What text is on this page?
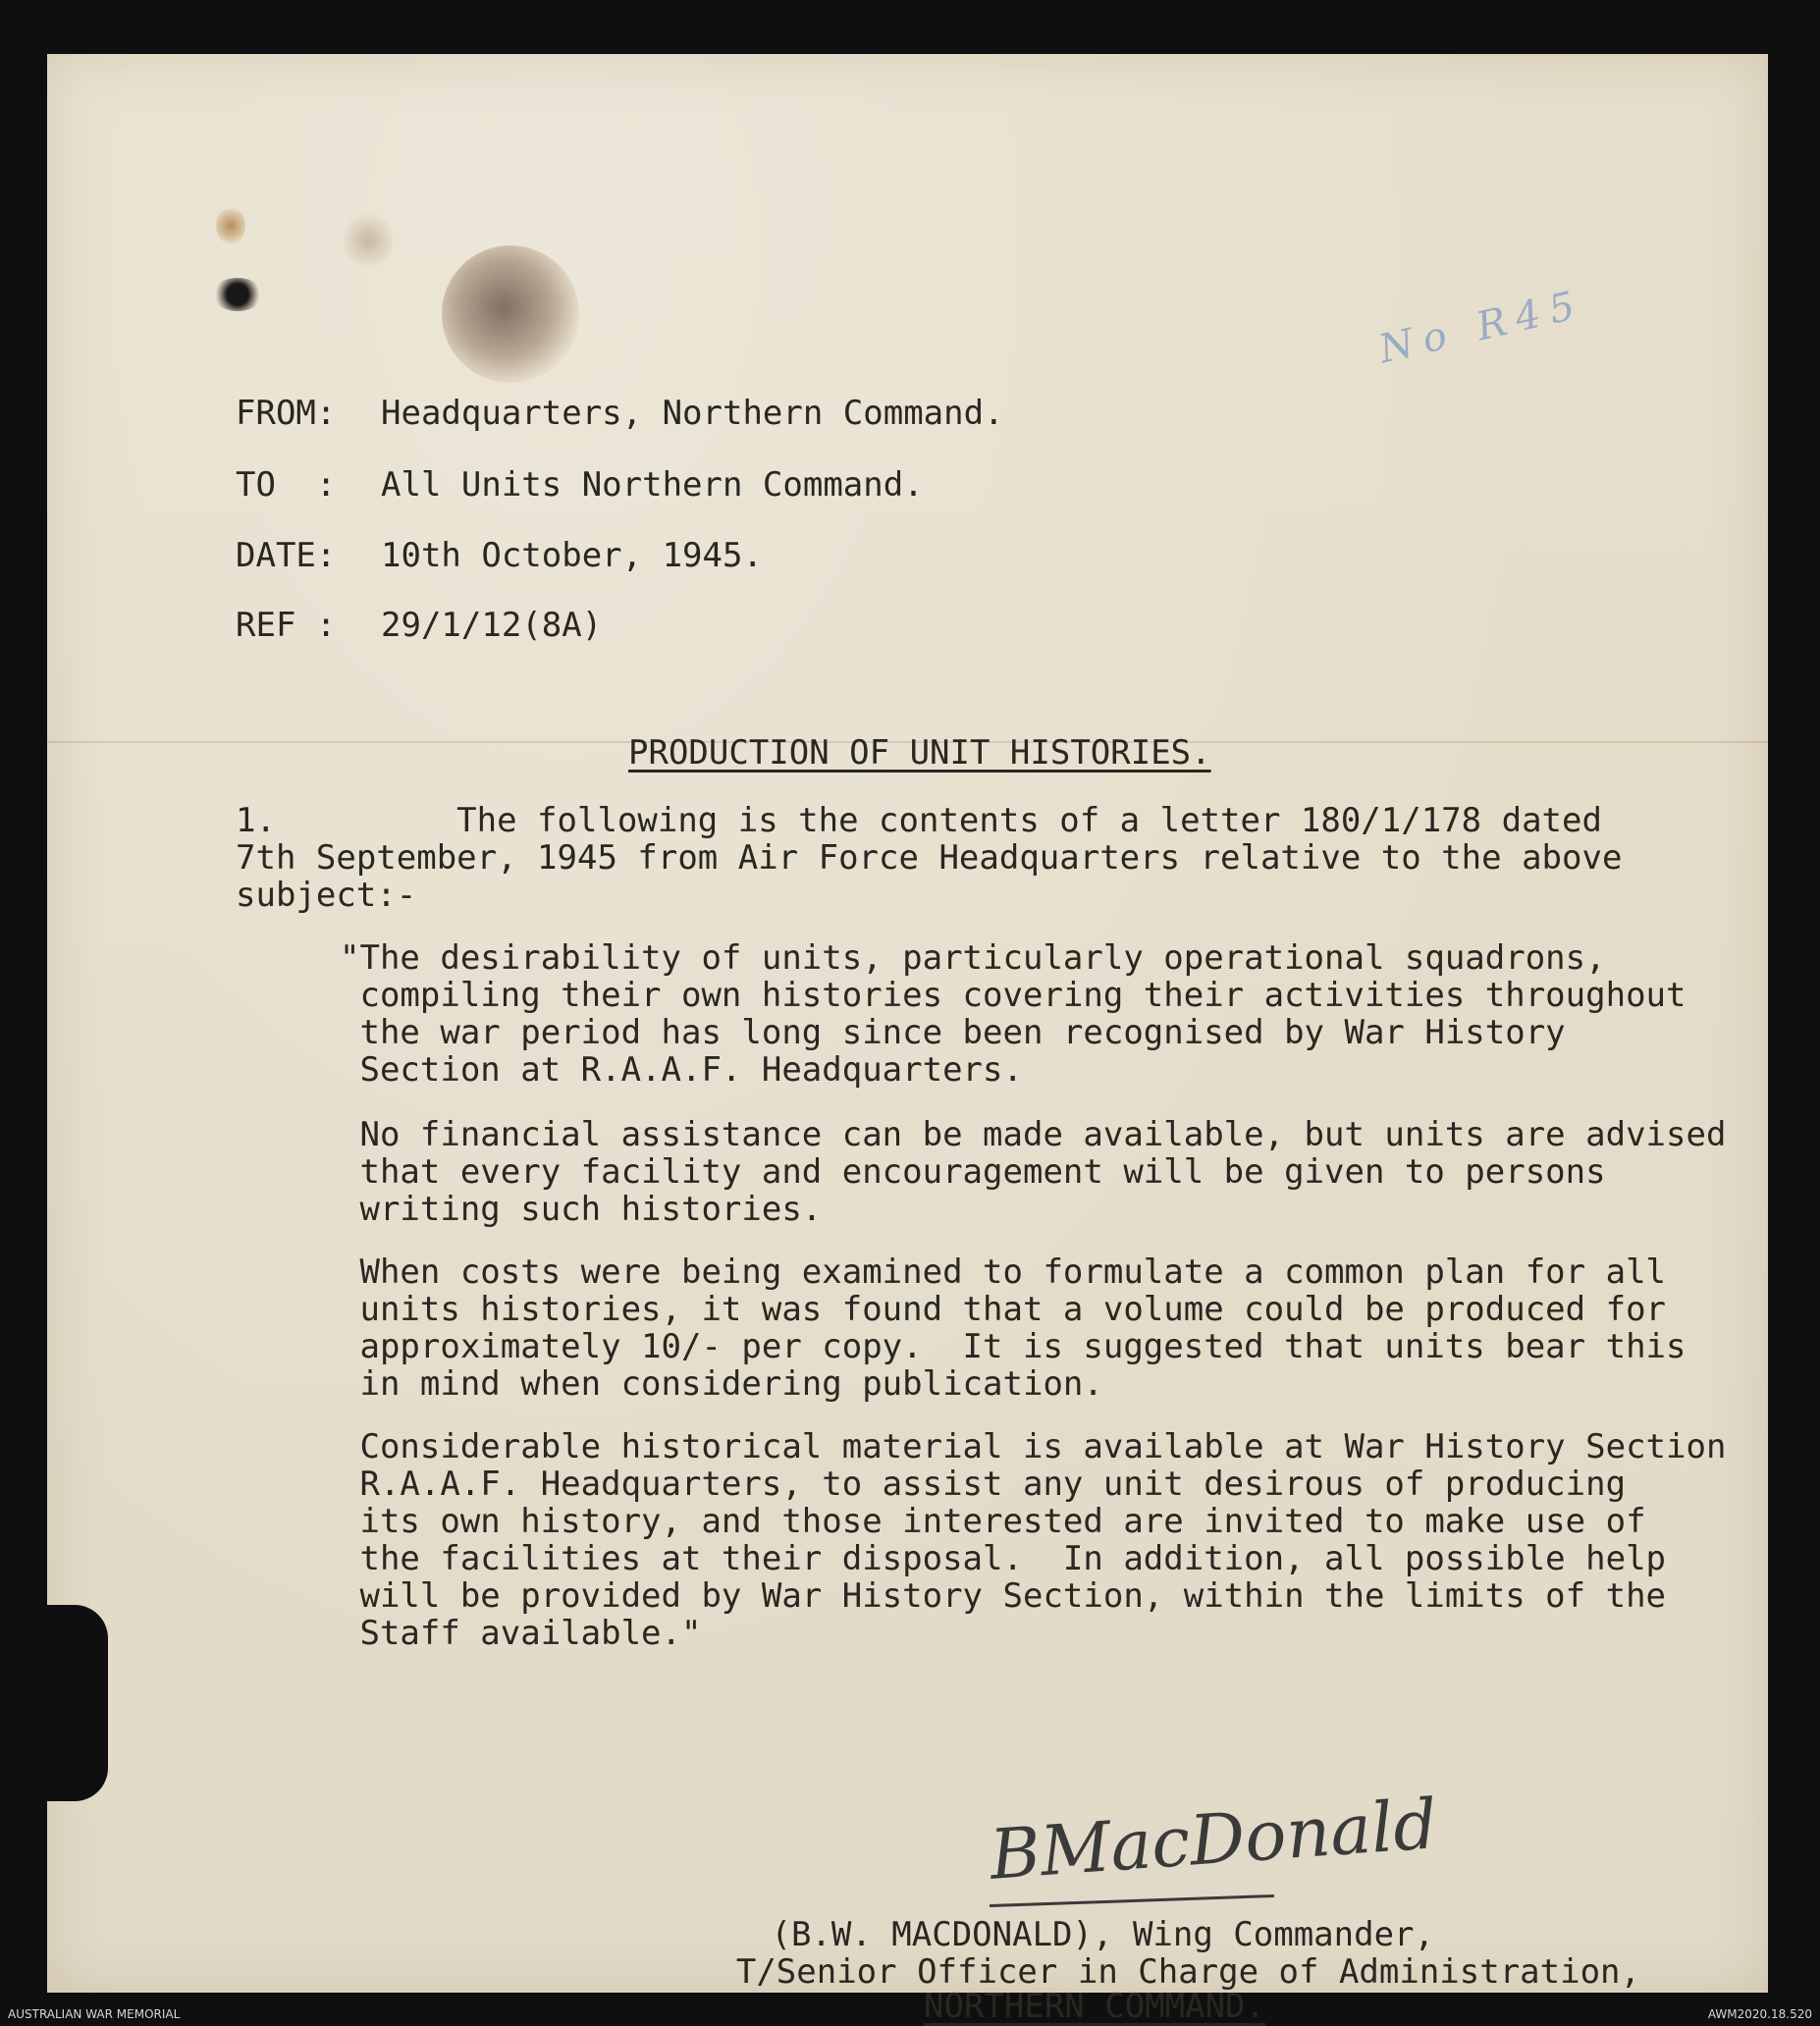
No R45
FROM: Headquarters, Northern Command.
TO  : All Units Northern Command.
DATE: 10th October, 1945.
REF : 29/1/12(8A)
PRODUCTION OF UNIT HISTORIES.
1.         The following is the contents of a letter 180/1/178 dated
7th September, 1945 from Air Force Headquarters relative to the above
subject:-
"The desirability of units, particularly operational squadrons,
compiling their own histories covering their activities throughout
the war period has long since been recognised by War History
Section at R.A.A.F. Headquarters.
No financial assistance can be made available, but units are advised
that every facility and encouragement will be given to persons
writing such histories.
When costs were being examined to formulate a common plan for all
units histories, it was found that a volume could be produced for
approximately 10/- per copy.  It is suggested that units bear this
in mind when considering publication.
Considerable historical material is available at War History Section
R.A.A.F. Headquarters, to assist any unit desirous of producing
its own history, and those interested are invited to make use of
the facilities at their disposal.  In addition, all possible help
will be provided by War History Section, within the limits of the
Staff available."
BMacDonald
(B.W. MACDONALD), Wing Commander,
T/Senior Officer in Charge of Administration,
NORTHERN COMMAND.
AUSTRALIAN WAR MEMORIAL	AWM2020.18.520
